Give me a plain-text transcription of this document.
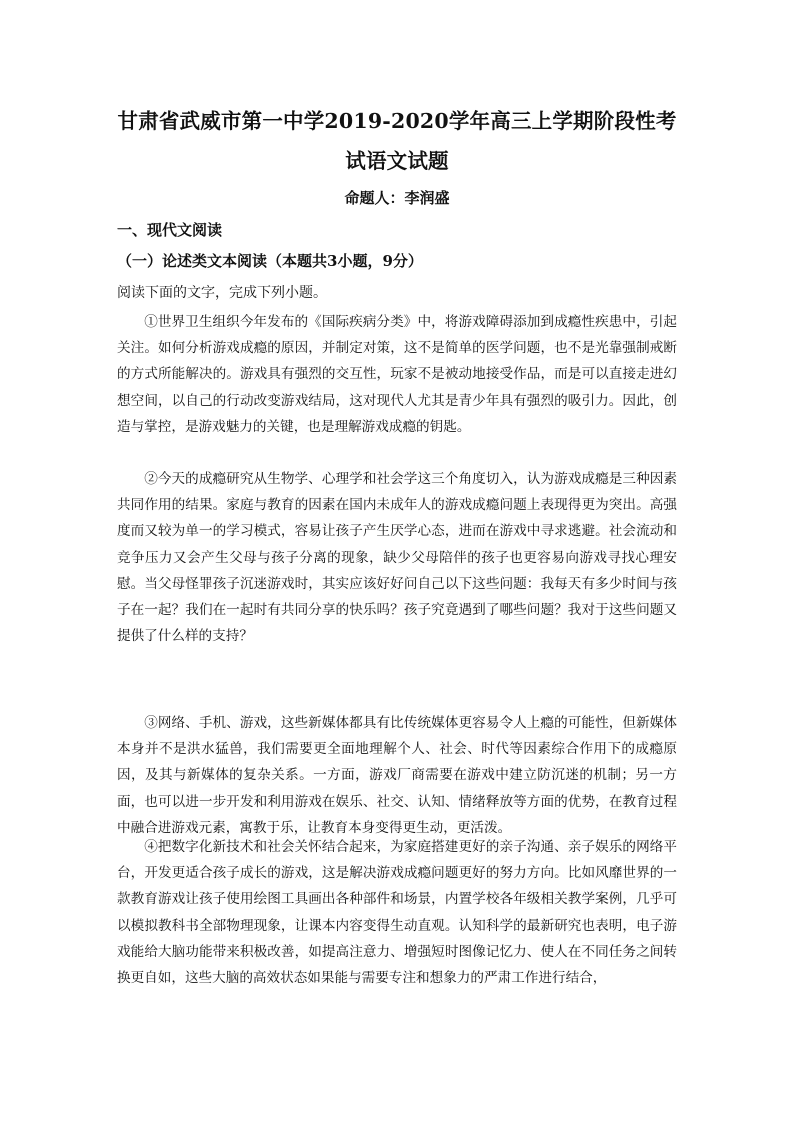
甘肃省武威市第一中学2019-2020学年高三上学期阶段性考
试语文试题
命题人：李润盛
一、现代文阅读
（一）论述类文本阅读（本题共3小题，9分）
阅读下面的文字，完成下列小题。
①世界卫生组织今年发布的《国际疾病分类》中，将游戏障碍添加到成瘾性疾患中，引起关注。如何分析游戏成瘾的原因，并制定对策，这不是简单的医学问题，也不是光靠强制戒断的方式所能解决的。游戏具有强烈的交互性，玩家不是被动地接受作品，而是可以直接走进幻想空间，以自己的行动改变游戏结局，这对现代人尤其是青少年具有强烈的吸引力。因此，创造与掌控，是游戏魅力的关键，也是理解游戏成瘾的钥匙。
②今天的成瘾研究从生物学、心理学和社会学这三个角度切入，认为游戏成瘾是三种因素共同作用的结果。家庭与教育的因素在国内未成年人的游戏成瘾问题上表现得更为突出。高强度而又较为单一的学习模式，容易让孩子产生厌学心态，进而在游戏中寻求逃避。社会流动和竞争压力又会产生父母与孩子分离的现象，缺少父母陪伴的孩子也更容易向游戏寻找心理安慰。当父母怪罪孩子沉迷游戏时，其实应该好好问自己以下这些问题：我每天有多少时间与孩子在一起？我们在一起时有共同分享的快乐吗？孩子究竟遇到了哪些问题？我对于这些问题又提供了什么样的支持？
③网络、手机、游戏，这些新媒体都具有比传统媒体更容易令人上瘾的可能性，但新媒体本身并不是洪水猛兽，我们需要更全面地理解个人、社会、时代等因素综合作用下的成瘾原因，及其与新媒体的复杂关系。一方面，游戏厂商需要在游戏中建立防沉迷的机制；另一方面，也可以进一步开发和利用游戏在娱乐、社交、认知、情绪释放等方面的优势，在教育过程中融合进游戏元素，寓教于乐，让教育本身变得更生动，更活泼。
④把数字化新技术和社会关怀结合起来，为家庭搭建更好的亲子沟通、亲子娱乐的网络平台，开发更适合孩子成长的游戏，这是解决游戏成瘾问题更好的努力方向。比如风靡世界的一款教育游戏让孩子使用绘图工具画出各种部件和场景，内置学校各年级相关教学案例，几乎可以模拟教科书全部物理现象，让课本内容变得生动直观。认知科学的最新研究也表明，电子游戏能给大脑功能带来积极改善，如提高注意力、增强短时图像记忆力、使人在不同任务之间转换更自如，这些大脑的高效状态如果能与需要专注和想象力的严肃工作进行结合，
